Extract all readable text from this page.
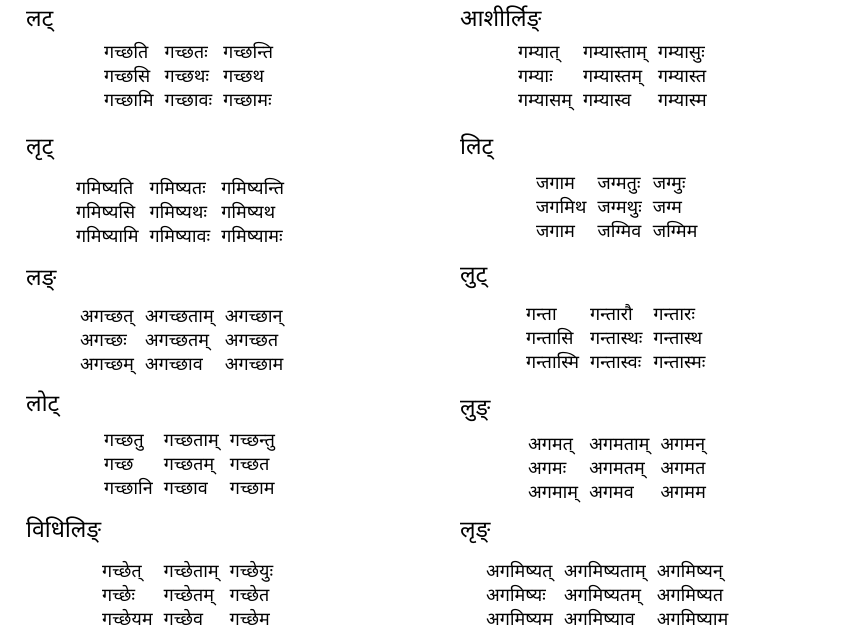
लट्
गच्छति	गच्छतः	गच्छन्ति
गच्छसि	गच्छथः	गच्छथ
गच्छामि	गच्छावः	गच्छामः
लृट्
गमिष्यति	गमिष्यतः	गमिष्यन्ति
गमिष्यसि	गमिष्यथः	गमिष्यथ
गमिष्यामि	गमिष्यावः	गमिष्यामः
लङ्
अगच्छत्	अगच्छताम्	अगच्छान्
अगच्छः	अगच्छतम्	अगच्छत
अगच्छम्	अगच्छाव	अगच्छाम
लोट्
गच्छतु	गच्छताम्	गच्छन्तु
गच्छ	गच्छतम्	गच्छत
गच्छानि	गच्छाव	गच्छाम
विधिलिङ्
गच्छेत्	गच्छेताम्	गच्छेयुः
गच्छेः	गच्छेतम्	गच्छेत
गच्छेयम	गच्छेव	गच्छेम
आशीर्लिङ्
गम्यात्	गम्यास्ताम्	गम्यासुः
गम्याः	गम्यास्तम्	गम्यास्त
गम्यासम्	गम्यास्व	गम्यास्म
लिट्
जगाम	जग्मतुः	जग्मुः
जगमिथ	जग्मथुः	जग्म
जगाम	जग्मिव	जग्मिम
लुट्
गन्ता	गन्तारौ	गन्तारः
गन्तासि	गन्तास्थः	गन्तास्थ
गन्तास्मि	गन्तास्वः	गन्तास्मः
लुङ्
अगमत्	अगमताम्	अगमन्
अगमः	अगमतम्	अगमत
अगमाम्	अगमव	अगमम
लृङ्
अगमिष्यत्	अगमिष्यताम्	अगमिष्यन्
अगमिष्यः	अगमिष्यतम्	अगमिष्यत
अगमिष्यम	अगमिष्याव	अगमिष्याम
